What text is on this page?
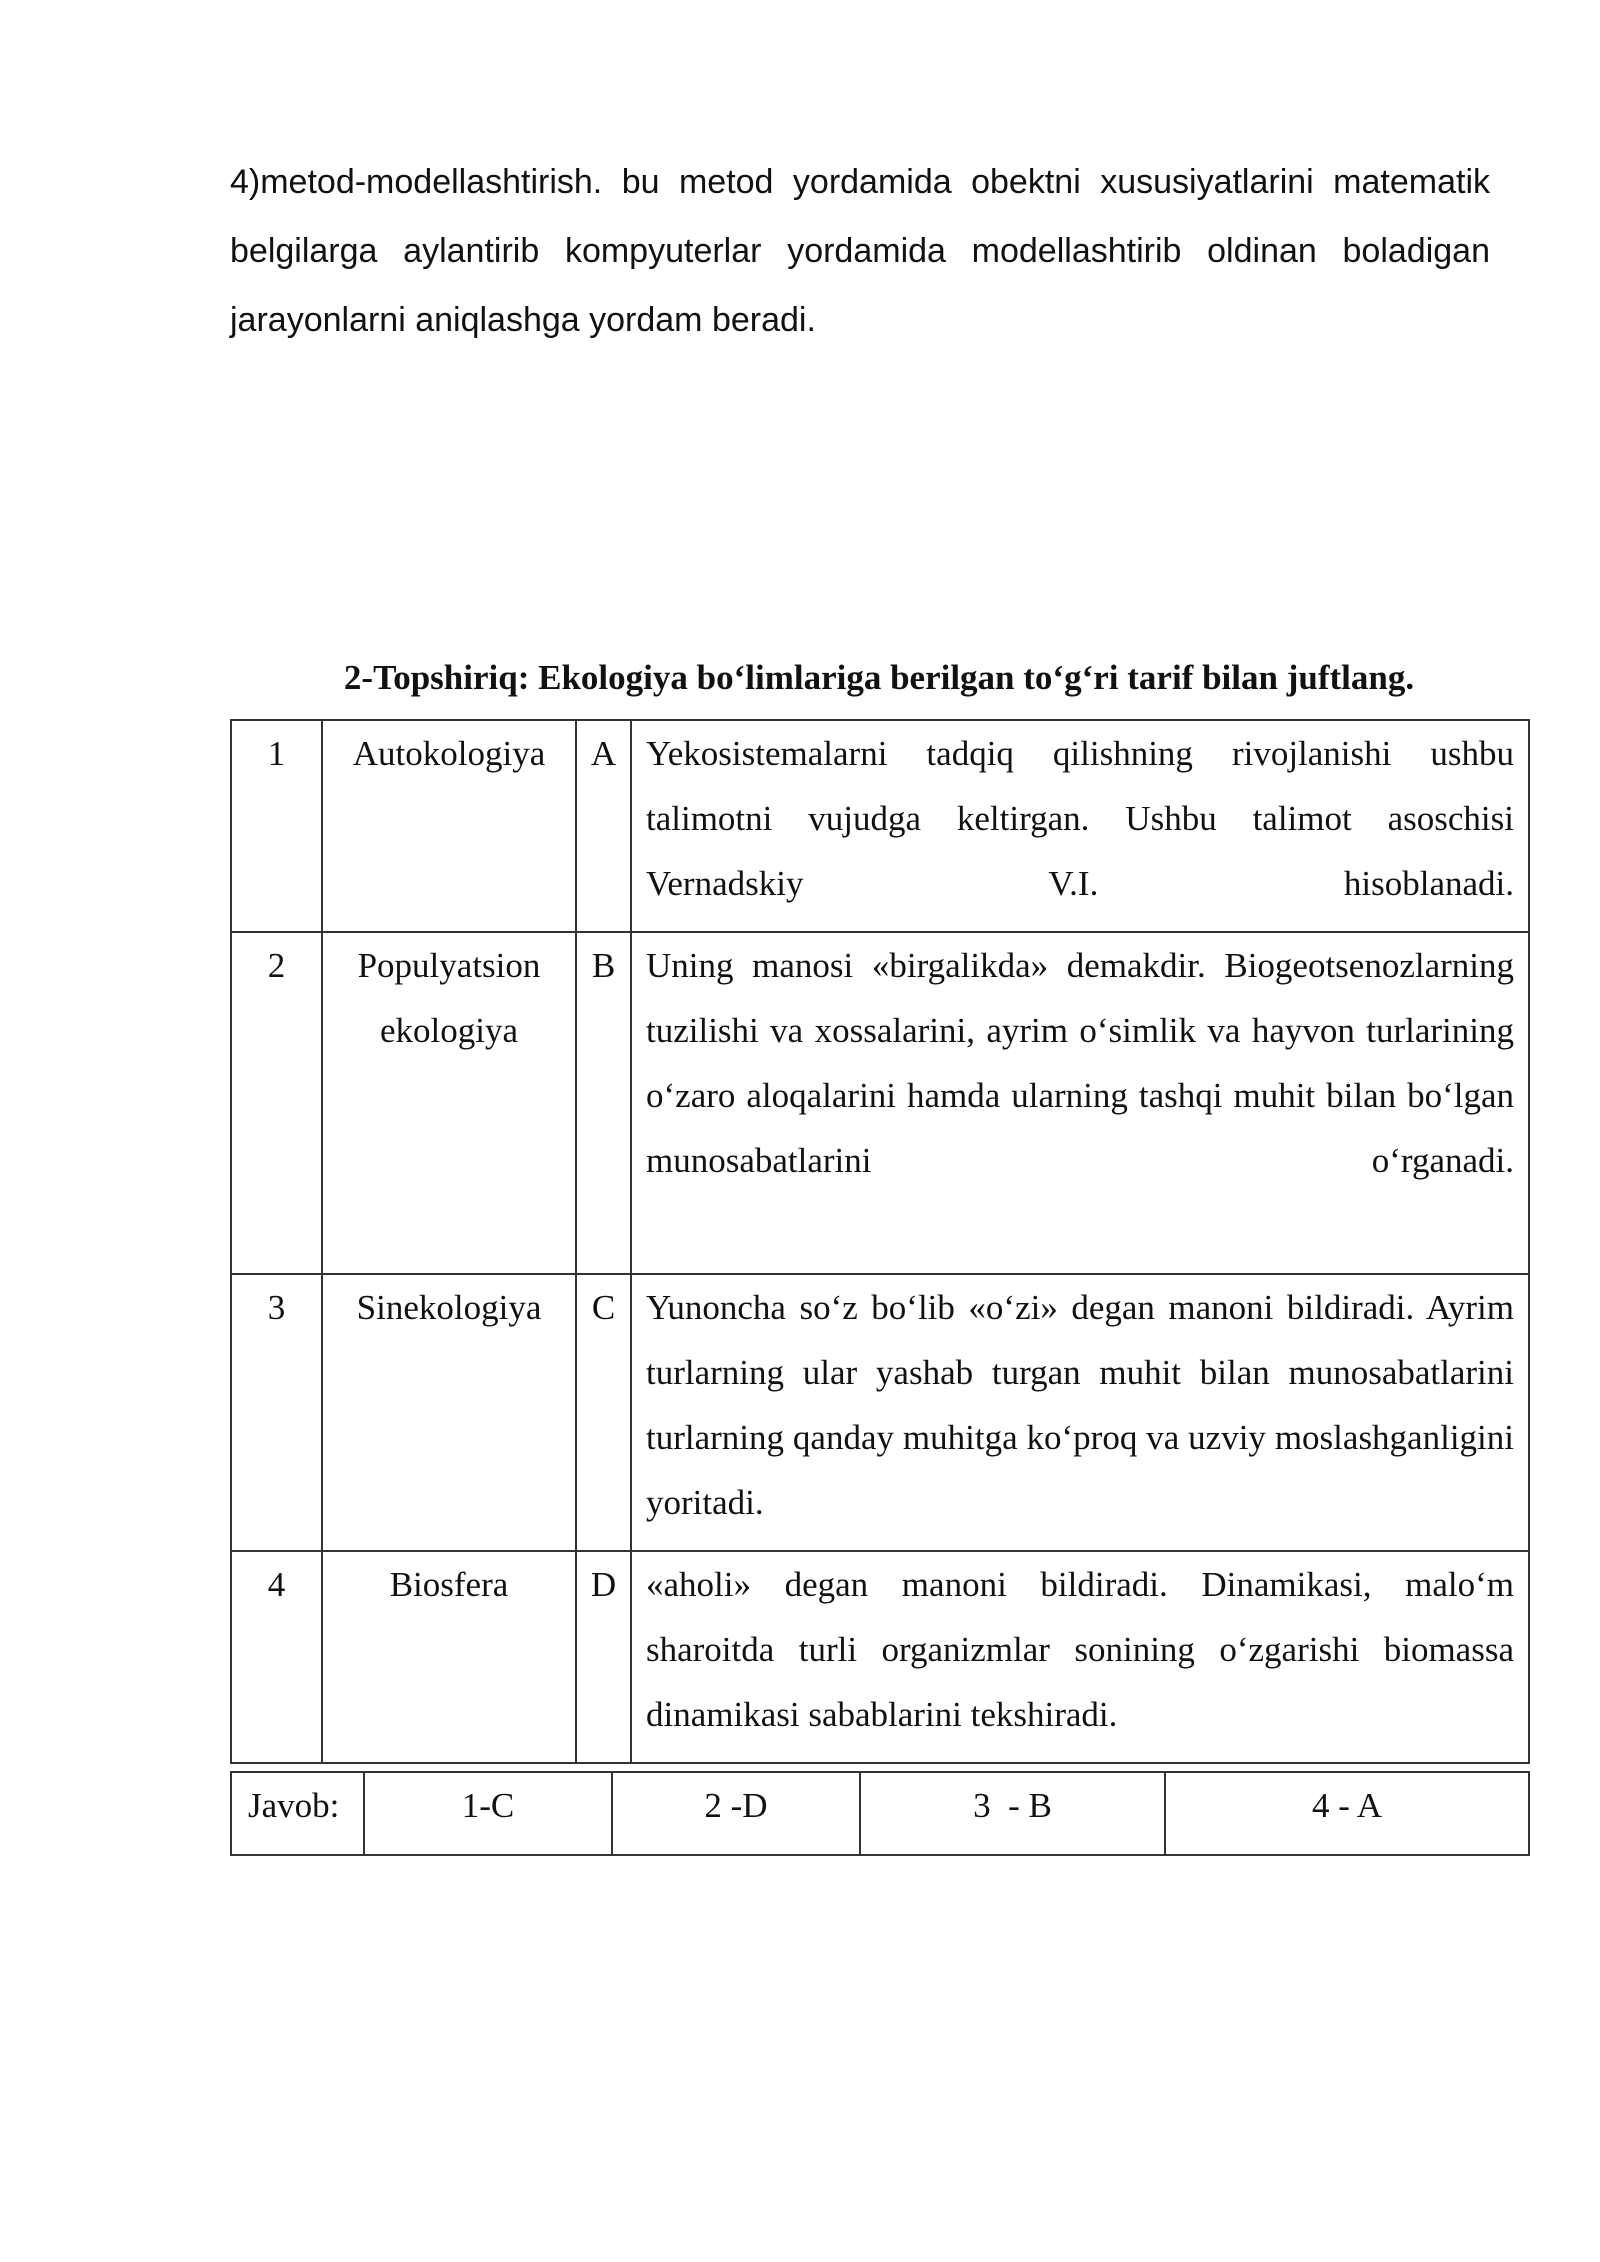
4)metod-modellashtirish. bu metod yordamida obektni xususiyatlarini matematik belgilarga aylantirib kompyuterlar yordamida modellashtirib oldinan boladigan jarayonlarni aniqlashga yordam beradi.

2-Topshiriq: Ekologiya bo‘limlariga berilgan to‘g‘ri tarif bilan juftlang.
1	Autokologiya	A	Yekosistemalarni tadqiq qilishning rivojlanishi ushbu talimotni vujudga keltirgan. Ushbu talimot asoschisi Vernadskiy V.I. hisoblanadi.
2	Populyatsion ekologiya	B	Uning manosi «birgalikda» demakdir. Biogeotsenozlarning tuzilishi va xossalarini, ayrim o‘simlik va hayvon turlarining o‘zaro aloqalarini hamda ularning tashqi muhit bilan bo‘lgan munosabatlarini o‘rganadi.
3	Sinekologiya	C	Yunoncha so‘z bo‘lib «o‘zi» degan manoni bildiradi. Ayrim turlarning ular yashab turgan muhit bilan munosabatlarini turlarning qanday muhitga ko‘proq va uzviy moslashganligini yoritadi.
4	Biosfera	D	«aholi» degan manoni bildiradi. Dinamikasi, malo‘m sharoitda turli organizmlar sonining o‘zgarishi biomassa dinamikasi sabablarini tekshiradi.
Javob:	1-C	2 -D	3  - B	4 - A
